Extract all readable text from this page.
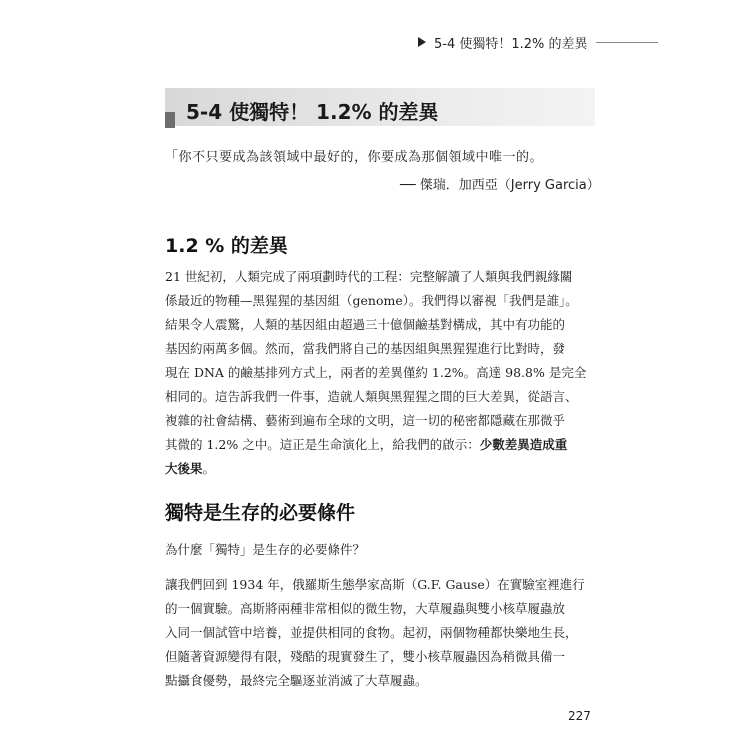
5-4 使獨特！1.2% 的差異
5-4 使獨特！ 1.2% 的差異
「你不只要成為該領域中最好的，你要成為那個領域中唯一的。
── 傑瑞．加西亞（Jerry Garcia）
1.2 % 的差異
21 世紀初，人類完成了兩項劃時代的工程：完整解讀了人類與我們親緣關
係最近的物種—黑猩猩的基因組（genome）。我們得以審視「我們是誰」。
結果令人震驚，人類的基因組由超過三十億個鹼基對構成，其中有功能的
基因約兩萬多個。然而，當我們將自己的基因組與黑猩猩進行比對時，發
現在 DNA 的鹼基排列方式上，兩者的差異僅約 1.2%。高達 98.8% 是完全
相同的。這告訴我們一件事，造就人類與黑猩猩之間的巨大差異，從語言、
複雜的社會結構、藝術到遍布全球的文明，這一切的秘密都隱藏在那微乎
其微的 1.2% 之中。這正是生命演化上，給我們的啟示：少數差異造成重
大後果。
獨特是生存的必要條件
為什麼「獨特」是生存的必要條件？
讓我們回到 1934 年，俄羅斯生態學家高斯（G.F. Gause）在實驗室裡進行
的一個實驗。高斯將兩種非常相似的微生物，大草履蟲與雙小核草履蟲放
入同一個試管中培養，並提供相同的食物。起初，兩個物種都快樂地生長，
但隨著資源變得有限，殘酷的現實發生了，雙小核草履蟲因為稍微具備一
點攝食優勢，最終完全驅逐並消滅了大草履蟲。
227
